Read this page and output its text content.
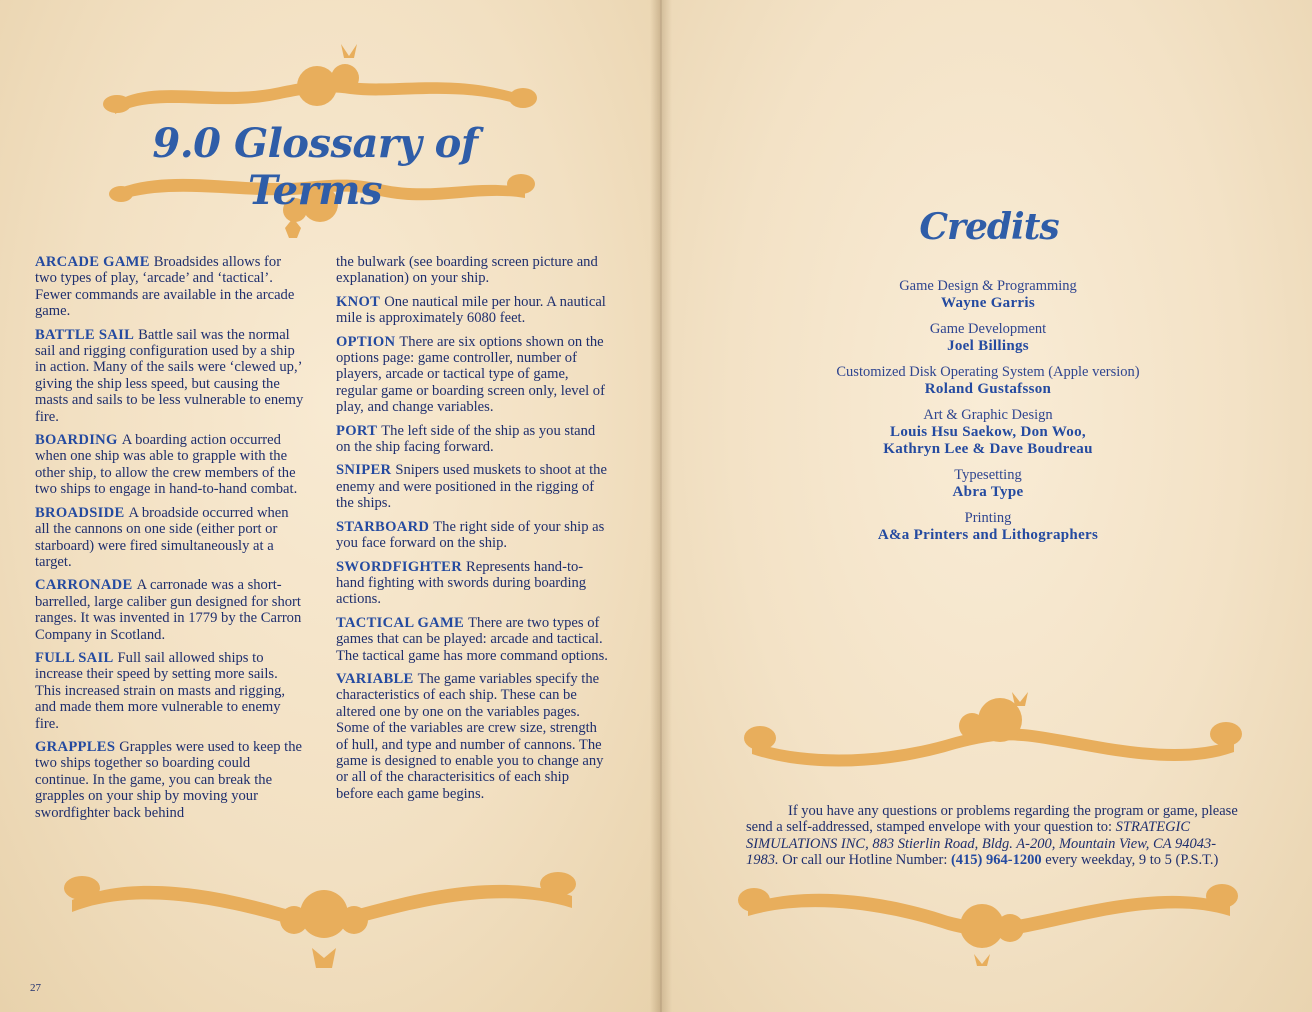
9.0 Glossary of Terms

ARCADE GAME Broadsides allows for two types of play, ‘arcade’ and ‘tactical’. Fewer commands are available in the arcade game.

BATTLE SAIL Battle sail was the normal sail and rigging configuration used by a ship in action. Many of the sails were ‘clewed up,’ giving the ship less speed, but causing the masts and sails to be less vulnerable to enemy fire.

BOARDING A boarding action occurred when one ship was able to grapple with the other ship, to allow the crew members of the two ships to engage in hand-to-hand combat.

BROADSIDE A broadside occurred when all the cannons on one side (either port or starboard) were fired simultaneously at a target.

CARRONADE A carronade was a short-barrelled, large caliber gun designed for short ranges. It was invented in 1779 by the Carron Company in Scotland.

FULL SAIL Full sail allowed ships to increase their speed by setting more sails. This increased strain on masts and rigging, and made them more vulnerable to enemy fire.

GRAPPLES Grapples were used to keep the two ships together so boarding could continue. In the game, you can break the grapples on your ship by moving your swordfighter back behind

the bulwark (see boarding screen picture and explanation) on your ship.

KNOT One nautical mile per hour. A nautical mile is approximately 6080 feet.

OPTION There are six options shown on the options page: game controller, number of players, arcade or tactical type of game, regular game or boarding screen only, level of play, and change variables.

PORT The left side of the ship as you stand on the ship facing forward.

SNIPER Snipers used muskets to shoot at the enemy and were positioned in the rigging of the ships.

STARBOARD The right side of your ship as you face forward on the ship.

SWORDFIGHTER Represents hand-to-hand fighting with swords during boarding actions.

TACTICAL GAME There are two types of games that can be played: arcade and tactical. The tactical game has more command options.

VARIABLE The game variables specify the characteristics of each ship. These can be altered one by one on the variables pages. Some of the variables are crew size, strength of hull, and type and number of cannons. The game is designed to enable you to change any or all of the characterisitics of each ship before each game begins.

27
Credits
Game Design & Programming
Wayne Garris
Game Development
Joel Billings
Customized Disk Operating System (Apple version)
Roland Gustafsson
Art & Graphic Design
Louis Hsu Saekow, Don Woo,
Kathryn Lee & Dave Boudreau
Typesetting
Abra Type
Printing
A&a Printers and Lithographers

If you have any questions or problems regarding the program or game, please send a self-addressed, stamped envelope with your question to: STRATEGIC SIMULATIONS INC, 883 Stierlin Road, Bldg. A-200, Mountain View, CA 94043-1983. Or call our Hotline Number: (415) 964-1200 every weekday, 9 to 5 (P.S.T.)
